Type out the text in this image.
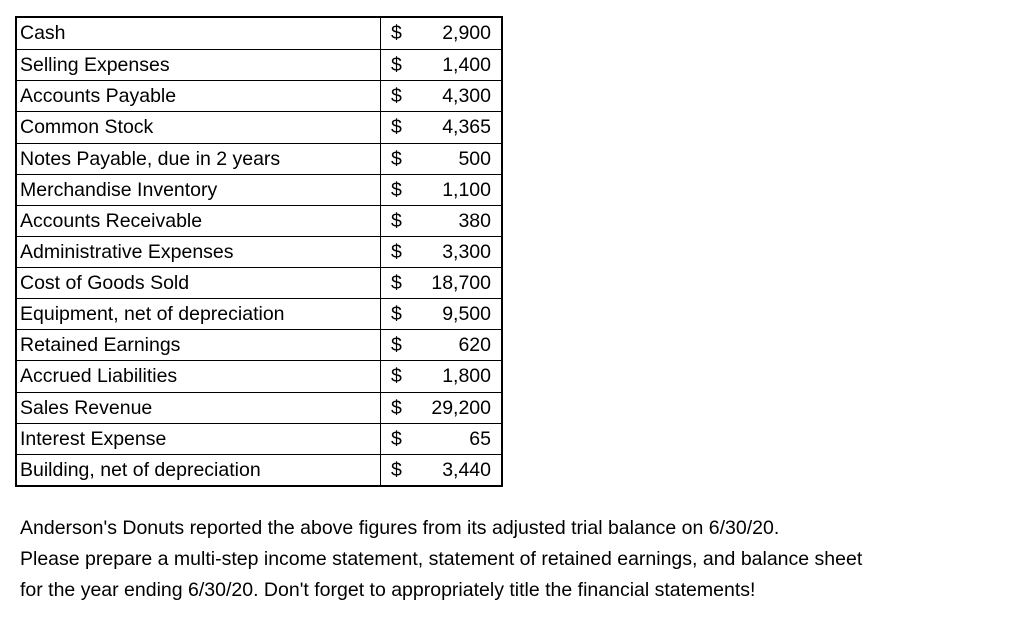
Cash	$ 2,900
Selling Expenses	$ 1,400
Accounts Payable	$ 4,300
Common Stock	$ 4,365
Notes Payable, due in 2 years	$	500
Merchandise Inventory	$ 1,100
Accounts Receivable	$	380
Administrative Expenses	$ 3,300
Cost of Goods Sold	$ 18,700
Equipment, net of depreciation	$ 9,500
Retained Earnings	$	620
Accrued Liabilities	$ 1,800
Sales Revenue	$ 29,200
Interest Expense	$	65
Building, net of depreciation	$ 3,440
Anderson's Donuts reported the above figures from its adjusted trial balance on 6/30/20.
Please prepare a multi-step income statement, statement of retained earnings, and balance sheet
for the year ending 6/30/20. Don't forget to appropriately title the financial statements!
